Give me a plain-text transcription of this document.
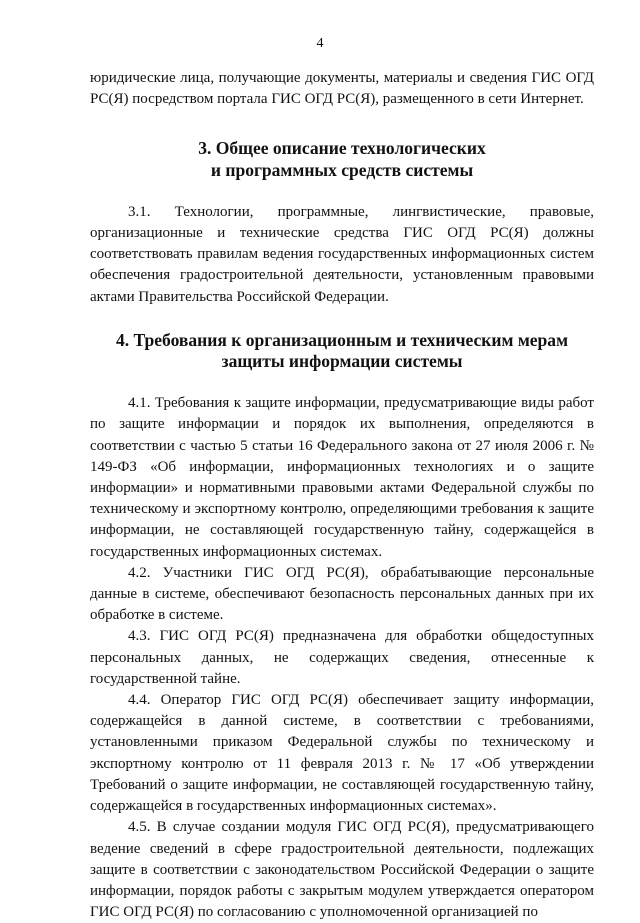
4

юридические лица, получающие документы, материалы и сведения ГИС ОГД РС(Я) посредством портала ГИС ОГД РС(Я), размещенного в сети Интернет.

3. Общее описание технологических
и программных средств системы

3.1. Технологии, программные, лингвистические, правовые, организационные и технические средства ГИС ОГД РС(Я) должны соответствовать правилам ведения государственных информационных систем обеспечения градостроительной деятельности, установленным правовыми актами Правительства Российской Федерации.

4. Требования к организационным и техническим мерам
защиты информации системы

4.1. Требования к защите информации, предусматривающие виды работ по защите информации и порядок их выполнения, определяются в соответствии с частью 5 статьи 16 Федерального закона от 27 июля 2006 г. № 149-ФЗ «Об информации, информационных технологиях и о защите информации» и нормативными правовыми актами Федеральной службы по техническому и экспортному контролю, определяющими требования к защите информации, не составляющей государственную тайну, содержащейся в государственных информационных системах.

4.2. Участники ГИС ОГД РС(Я), обрабатывающие персональные данные в системе, обеспечивают безопасность персональных данных при их обработке в системе.

4.3. ГИС ОГД РС(Я) предназначена для обработки общедоступных персональных данных, не содержащих сведения, отнесенные к государственной тайне.

4.4. Оператор ГИС ОГД РС(Я) обеспечивает защиту информации, содержащейся в данной системе, в соответствии с требованиями, установленными приказом Федеральной службы по техническому и экспортному контролю от 11 февраля 2013 г. № 17 «Об утверждении Требований о защите информации, не составляющей государственную тайну, содержащейся в государственных информационных системах».

4.5. В случае создании модуля ГИС ОГД РС(Я), предусматривающего ведение сведений в сфере градостроительной деятельности, подлежащих защите в соответствии с законодательством Российской Федерации о защите информации, порядок работы с закрытым модулем утверждается оператором ГИС ОГД РС(Я) по согласованию с уполномоченной организацией по
